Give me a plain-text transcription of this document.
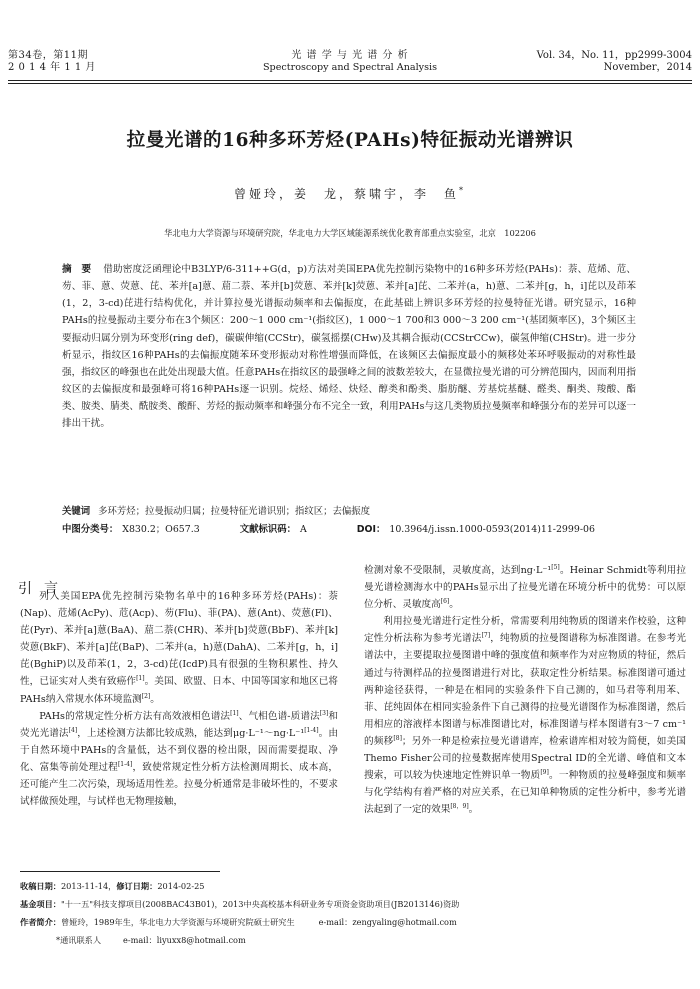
第34卷，第11期
2 0 1 4 年 1 1 月
光 谱 学 与 光 谱 分 析
Spectroscopy and Spectral Analysis
Vol. 34，No. 11，pp2999-3004
November，2014
拉曼光谱的16种多环芳烃(PAHs)特征振动光谱辨识
曾娅玲，姜　龙，蔡啸宇，李　鱼*
华北电力大学资源与环境研究院，华北电力大学区域能源系统优化教育部重点实验室，北京　102206
摘　要 借助密度泛函理论中B3LYP/6-311++G(d，p)方法对美国EPA优先控制污染物中的16种多环芳烃(PAHs)：萘、苊烯、苊、芴、菲、蒽、荧蒽、芘、苯并[a]蒽、䓛二萘、苯并[b]荧蒽、苯并[k]荧蒽、苯并[a]芘、二苯并(a，h)蒽、二苯并[g，h，i]芘以及茚苯(1，2，3-cd)芘进行结构优化，并计算拉曼光谱振动频率和去偏振度，在此基础上辨识多环芳烃的拉曼特征光谱。研究显示，16种PAHs的拉曼振动主要分布在3个频区：200～1 000 cm⁻¹(指纹区)，1 000～1 700和3 000～3 200 cm⁻¹(基团频率区)，3个频区主要振动归属分别为环变形(ring def)，碳碳伸缩(CCStr)，碳氢摇摆(CHw)及其耦合振动(CCStrCCw)，碳氢伸缩(CHStr)。进一步分析显示，指纹区16种PAHs的去偏振度随苯环变形振动对称性增强而降低，在该频区去偏振度最小的频移处苯环呼吸振动的对称性最强，指纹区的峰强也在此处出现最大值。任意PAHs在指纹区的最强峰之间的波数差较大，在显微拉曼光谱的可分辨范围内，因而利用指纹区的去偏振度和最强峰可将16种PAHs逐一识别。烷烃、烯烃、炔烃、醇类和酚类、脂肪醚、芳基烷基醚、醛类、酮类、羧酸、酯类、胺类、腈类、酰胺类、酸酐、芳烃的振动频率和峰强分布不完全一致，利用PAHs与这几类物质拉曼频率和峰强分布的差异可以逐一排出干扰。
关键词 多环芳烃；拉曼振动归属；拉曼特征光谱识别；指纹区；去偏振度
中图分类号： X830.2；O657.3	文献标识码： A	DOI： 10.3964/j.issn.1000-0593(2014)11-2999-06
引言

列入美国EPA优先控制污染物名单中的16种多环芳烃(PAHs)：萘(Nap)、苊烯(AcPy)、苊(Acp)、芴(Flu)、菲(PA)、蒽(Ant)、荧蒽(Fl)、芘(Pyr)、苯并[a]蒽(BaA)、䓛二萘(CHR)、苯并[b]荧蒽(BbF)、苯并[k]荧蒽(BkF)、苯并[a]芘(BaP)、二苯并(a，h)蒽(DahA)、二苯并[g，h，i]芘(BghiP)以及茚苯(1，2，3-cd)芘(IcdP)具有很强的生物积累性、持久性，已证实对人类有致癌作[1]。美国、欧盟、日本、中国等国家和地区已将PAHs纳入常规水体环境监测[2]。

PAHs的常规定性分析方法有高效液相色谱法[1]、气相色谱-质谱法[3]和荧光光谱法[4]，上述检测方法都比较成熟，能达到μg·L⁻¹～ng·L⁻¹[1-4]。由于自然环境中PAHs的含量低，达不到仪器的检出限，因而需要提取、净化、富集等前处理过程[1-4]，致使常规定性分析方法检测周期长、成本高，还可能产生二次污染，现场适用性差。拉曼分析通常是非破坏性的，不要求试样做预处理，与试样也无物理接触，

检测对象不受限制，灵敏度高，达到ng·L⁻¹[5]。Heinar Schmidt等利用拉曼光谱检测海水中的PAHs显示出了拉曼光谱在环境分析中的优势：可以原位分析、灵敏度高[6]。

利用拉曼光谱进行定性分析，常需要利用纯物质的图谱来作校验，这种定性分析法称为参考光谱法[7]，纯物质的拉曼图谱称为标准图谱。在参考光谱法中，主要提取拉曼图谱中峰的强度值和频率作为对应物质的特征，然后通过与待测样品的拉曼图谱进行对比，获取定性分析结果。标准图谱可通过两种途径获得，一种是在相同的实验条件下自己测的，如马君等利用苯、菲、芘纯固体在相同实验条件下自己测得的拉曼光谱图作为标准图谱，然后用相应的溶液样本图谱与标准图谱比对，标准图谱与样本图谱有3～7 cm⁻¹的频移[8]；另外一种是检索拉曼光谱谱库，检索谱库相对较为简便，如美国Themo Fisher公司的拉曼数据库使用Spectral ID的全光谱、峰值和文本搜索，可以较为快速地定性辨识单一物质[9]。一种物质的拉曼峰强度和频率与化学结构有着严格的对应关系，在已知单种物质的定性分析中，参考光谱法起到了一定的效果[8，9]。

收稿日期：2013-11-14，修订日期：2014-02-25
基金项目："十一五"科技支撑项目(2008BAC43B01)，2013中央高校基本科研业务专项资金资助项目(JB2013146)资助
作者简介：曾娅玲，1989年生，华北电力大学资源与环境研究院硕士研究生	e-mail：zengyaling@hotmail.com
*通讯联系人	e-mail：liyuxx8@hotmail.com
